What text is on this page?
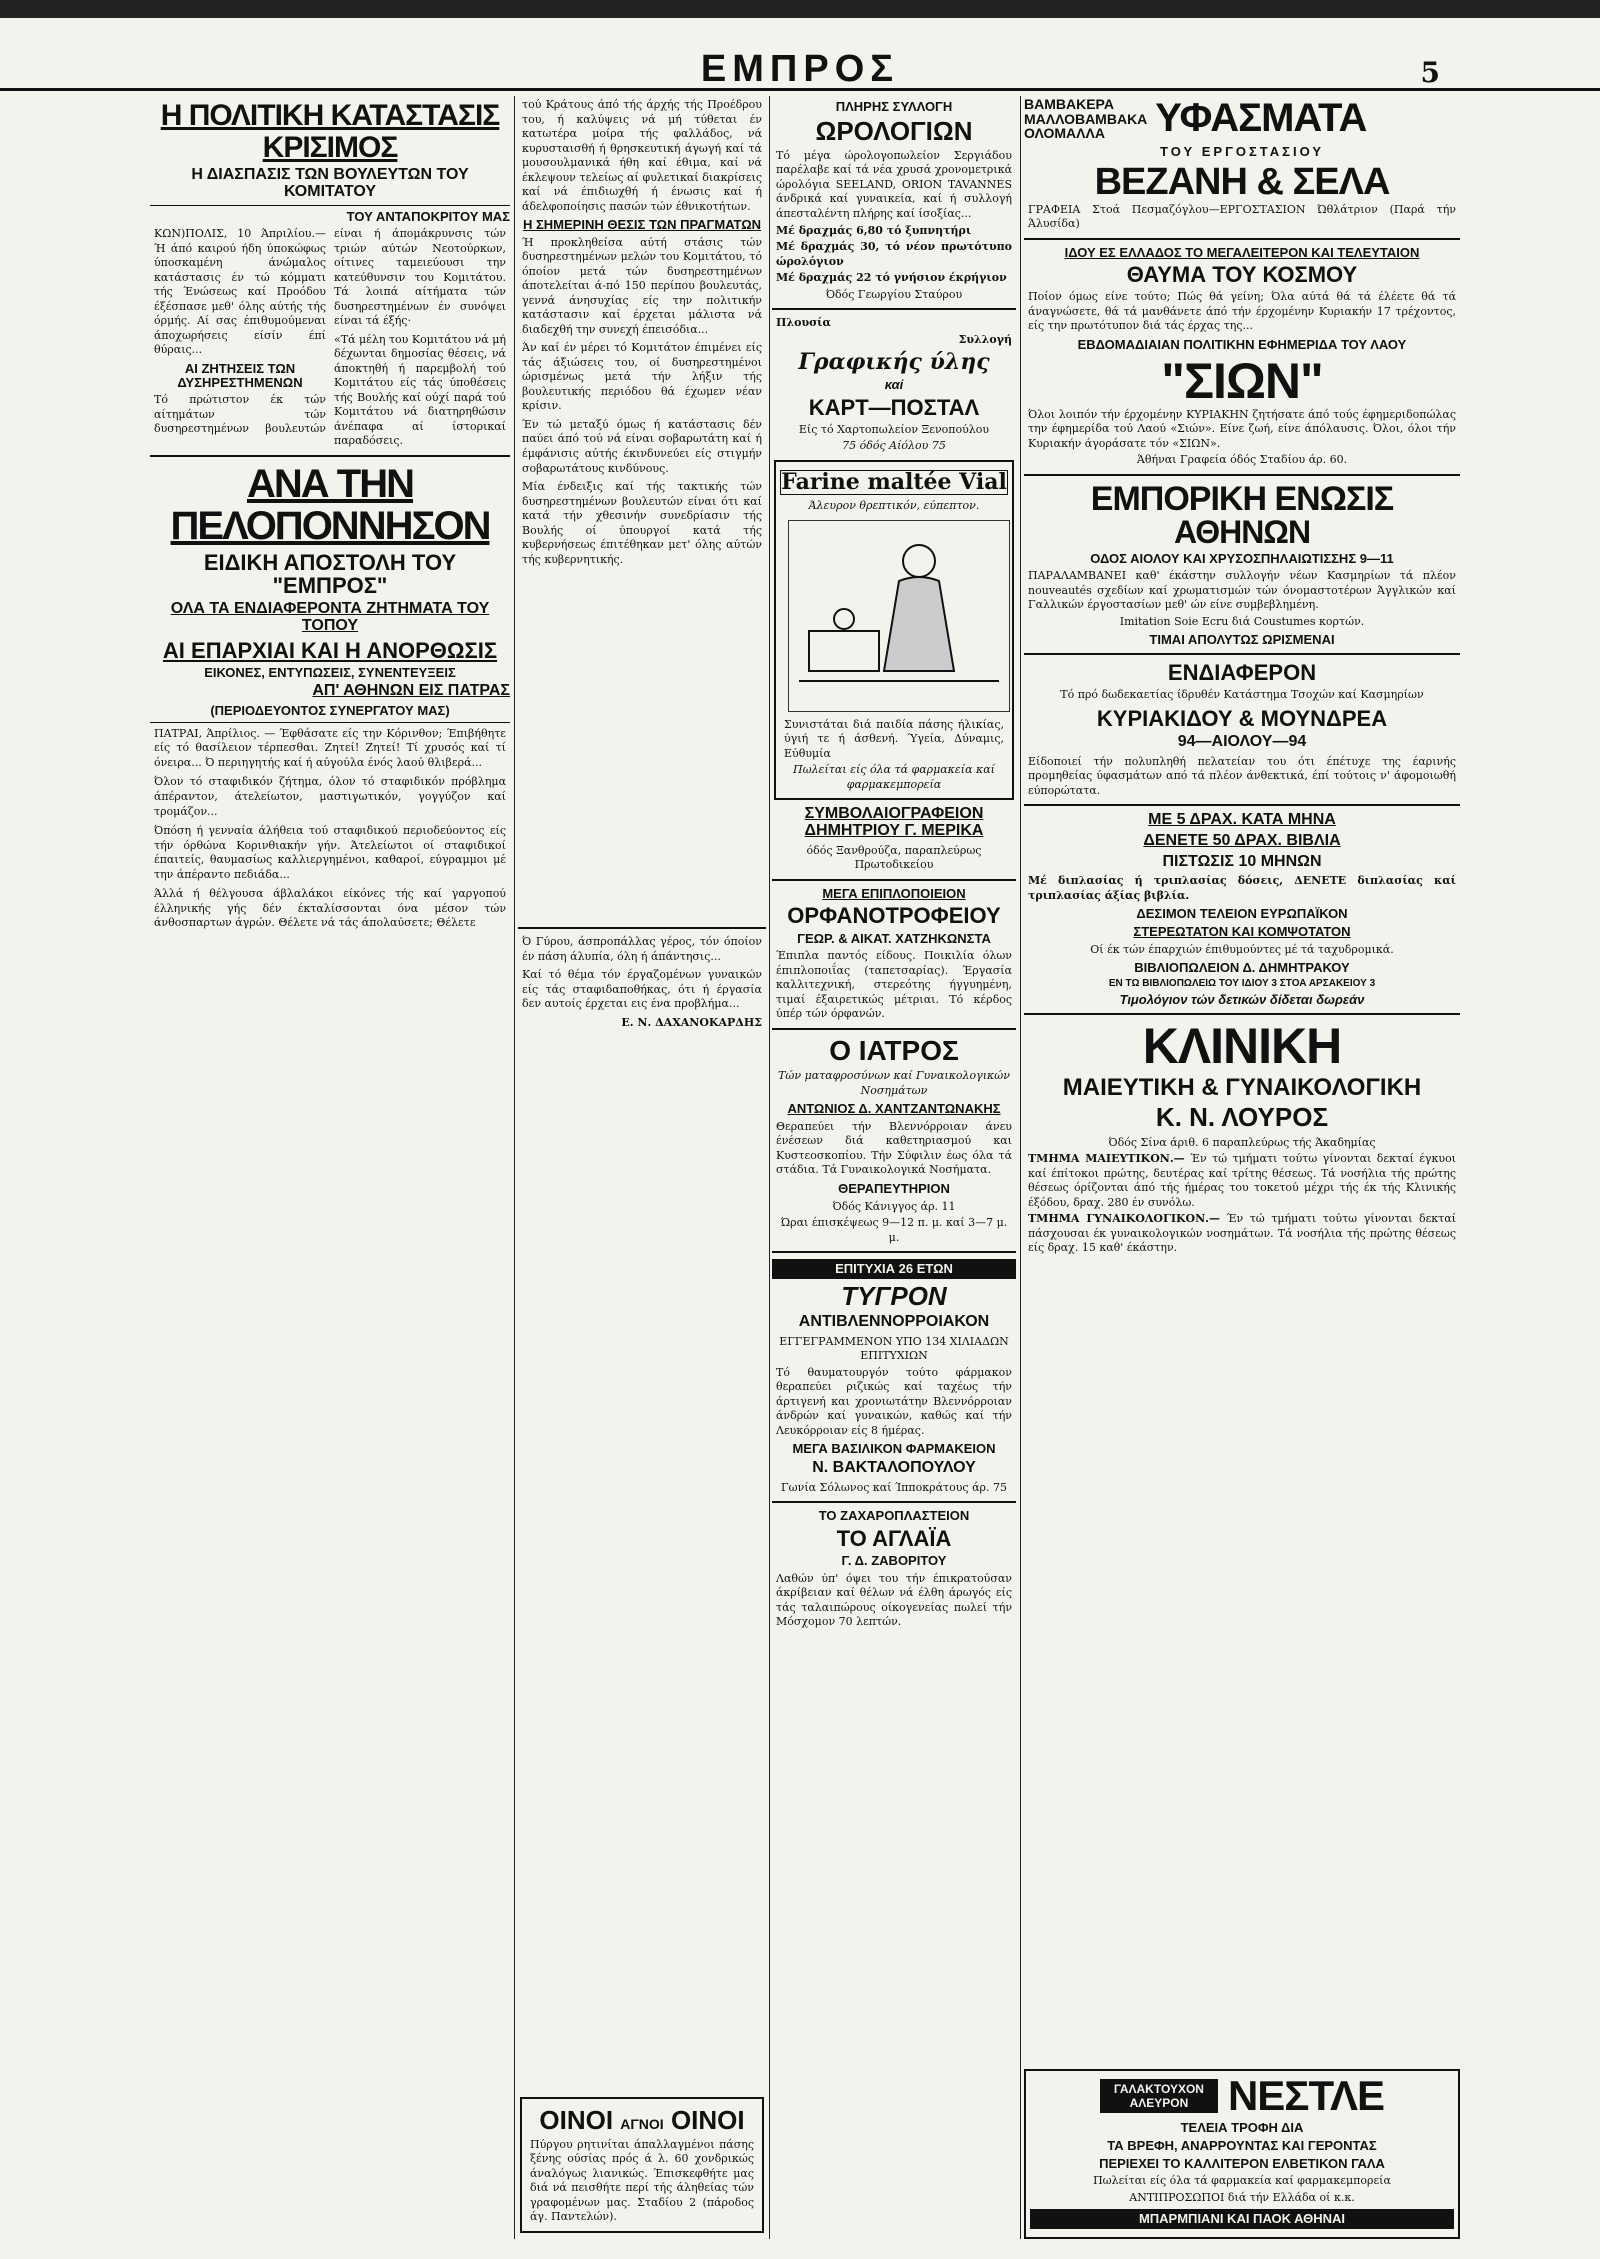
ΕΜΠΡΟΣ	5
Η ΠΟΛΙΤΙΚΗ ΚΑΤΑΣΤΑΣΙΣ ΚΡΙΣΙΜΟΣ
Η ΔΙΑΣΠΑΣΙΣ ΤΩΝ ΒΟΥΛΕΥΤΩΝ ΤΟΥ ΚΟΜΙΤΑΤΟΥ
ΤΟΥ ΑΝΤΑΠΟΚΡΙΤΟΥ ΜΑΣ

ΚΩΝ)ΠΟΛΙΣ, 10 Άπριλίου.— Ή άπό καιρού ήδη ύποκώφως ύποσκαμένη άνώμαλος κατάστασις έν τώ κόμματι τής Ένώσεως καί Προόδου έξέσπασε μεθ' όλης αύτής τής όρμής. Αί σας έπιθυμούμεναι άποχωρήσεις είσίν έπί θύραις...

ΑΙ ΖΗΤΗΣΕΙΣ ΤΩΝ ΔΥΣΗΡΕΣΤΗΜΕΝΩΝ

Τό πρώτιστον έκ τών αίτημάτων τών δυσηρεστημένων βουλευτών είναι ή άπομάκρυνσις τών τριών αύτών Νεοτούρκων, οίτινες ταμειεύουσι την κατεύθυνσιν του Κομιτάτου. Τά λοιπά αίτήματα τών δυσηρεστημένων έν συνόψει είναι τά έξής·

«Τά μέλη του Κομιτάτου νά μή δέχωνται δημοσίας θέσεις, νά άποκτηθή ή παρεμβολή τού Κομιτάτου είς τάς ύποθέσεις τής Βουλής καί ούχί παρά τού Κομιτάτου νά διατηρηθώσιν άνέπαφα αί ίστορικαί παραδόσεις.

ΑΝΑ ΤΗΝ ΠΕΛΟΠΟΝΝΗΣΟΝ
ΕΙΔΙΚΗ ΑΠΟΣΤΟΛΗ ΤΟΥ "ΕΜΠΡΟΣ"
ΟΛΑ ΤΑ ΕΝΔΙΑΦΕΡΟΝΤΑ ΖΗΤΗΜΑΤΑ ΤΟΥ ΤΟΠΟΥ
ΑΙ ΕΠΑΡΧΙΑΙ ΚΑΙ Η ΑΝΟΡΘΩΣΙΣ
ΕΙΚΟΝΕΣ, ΕΝΤΥΠΩΣΕΙΣ, ΣΥΝΕΝΤΕΥΞΕΙΣ
ΑΠ' ΑΘΗΝΩΝ ΕΙΣ ΠΑΤΡΑΣ
(ΠΕΡΙΟΔΕΥΟΝΤΟΣ ΣΥΝΕΡΓΑΤΟΥ ΜΑΣ)

ΠΑΤΡΑΙ, Άπρίλιος. — Έφθάσατε είς την Κόρινθον; Έπιβήθητε είς τό θασίλειον τέρπεσθαι. Ζητεί! Ζητεί! Τί χρυσός καί τί όνειρα... Ό περιηγητής καί ή αύγούλα ένός λαού θλιβερά...

Όλον τό σταφιδικόν ζήτημα, όλον τό σταφιδικόν πρόβλημα άπέραντον, άτελείωτον, μαστιγωτικόν, γογγύζον καί τρομάζον...

Όπόση ή γενναία άλήθεια τού σταφιδικού περιοδεύοντος είς τήν όρθώνα Κορινθιακήν γήν. Άτελείωτοι οί σταφιδικοί έπαιτείς, θαυμασίως καλλιεργημένοι, καθαροί, εύγραμμοι μέ την άπέραντο πεδιάδα...

Άλλά ή θέλγουσα άβλαλάκοι είκόνες τής καί γαργοπού έλληνικής γής δέν έκταλίσσονται όνα μέσον τών άνθοσπαρτων άγρών. Θέλετε νά τάς άπολαύσετε; Θέλετε

τού Κράτους άπό τής άρχής τής Προέδρου του, ή καλύψεις νά μή τύθεται έν κατωτέρα μοίρα τής φαλλάδος, νά κυρυσταισθή ή θρησκευτική άγωγή καί τά μουσουλμανικά ήθη καί έθιμα, καί νά έκλεψουν τελείως αί φυλετικαί διακρίσεις καί νά έπιδιωχθή ή ένωσις καί ή άδελφοποίησις πασών τών έθνικοτήτων.

Η ΣΗΜΕΡΙΝΗ ΘΕΣΙΣ ΤΩΝ ΠΡΑΓΜΑΤΩΝ

Ή προκληθείσα αύτή στάσις τών δυσηρεστημένων μελών του Κομιτάτου, τό όποίον μετά τών δυσηρεστημένων άποτελείται ά-πό 150 περίπου βουλευτάς, γεννά άνησυχίας είς την πολιτικήν κατάστασιν καί έρχεται μάλιστα νά διαδεχθή την συνεχή έπεισόδια...

Άν καί έν μέρει τό Κομιτάτον έπιμένει είς τάς άξιώσεις του, οί δυσηρεστημένοι ώρισμένως μετά τήν λήξιν τής βουλευτικής περιόδου θά έχωμεν νέαν κρίσιν.

Έν τώ μεταξύ όμως ή κατάστασις δέν παύει άπό τού νά είναι σοβαρωτάτη καί ή έμφάνισις αύτής έκινδυνεύει είς στιγμήν σοβαρωτάτους κινδύνους.

Μία ένδειξις καί τής τακτικής τών δυσηρεστημένων βουλευτών είναι ότι καί κατά τήν χθεσινήν συνεδρίασιν τής Βουλής οί ύπουργοί κατά τής κυβερνήσεως έπιτέθηκαν μετ' όλης αύτών τής κυβερνητικής.

Ό Γύρου, άσπροπάλλας γέρος, τόν όποίον έν πάση άλυπία, όλη ή άπάντησις...

Καί τό θέμα τόν έργαζομένων γυναικών είς τάς σταφιδαποθήκας, ότι ή έργασία δεν αυτοίς έρχεται εις ένα προβλήμα...

Ε. Ν. ΔΑΧΑΝΟΚΑΡΔΗΣ

ΟΙΝΟΙ ΑΓΝΟΙ ΟΙΝΟΙ
Πύργου ρητινίται άπαλλαγμένοι πάσης ξένης ούσίας πρός ά λ. 60 χονδρικώς άναλόγως λιανικώς. Έπισκεφθήτε μας διά νά πεισθήτε περί τής άληθείας τών γραφομένων μας. Σταδίου 2 (πάροδος άγ. Παντελών).
ΠΛΗΡΗΣ ΣΥΛΛΟΓΗ
ΩΡΟΛΟΓΙΩΝ
Τό μέγα ώρολογοπωλείον Σεργιάδου παρέλαβε καί τά νέα χρυσά χρονομετρικά ώρολόγια SEELAND, ORION TAVANNES άνδρικά καί γυναικεία, καί ή συλλογή άπεσταλέντη πλήρης καί ίσοξίας...
Μέ δραχμάς 6,80 τό ξυπνητήρι
Μέ δραχμάς 30, τό νέον πρωτότυπο ώρολόγιον
Μέ δραχμάς 22 τό γνήσιον έκρήγιον
Όδός Γεωργίου Σταύρου
Πλουσία
Συλλογή
Γραφικής ύλης
καί
ΚΑΡΤ—ΠΟΣΤΑΛ
Είς τό Χαρτοπωλείον Ξενοπούλου
75 όδός Αίόλου 75
Farine maltée Vial
Άλευρον θρεπτικόν, εύπεπτον.
Συνιστάται διά παιδία πάσης ήλικίας, ύγιή τε ή άσθενή. Ύγεία, Δύναμις, Εύθυμία
Πωλείται είς όλα τά φαρμακεία καί φαρμακεμπορεία
ΣΥΜΒΟΛΑΙΟΓΡΑΦΕΙΟΝ ΔΗΜΗΤΡΙΟΥ Γ. ΜΕΡΙΚΑ
όδός Ξανθρούζα, παραπλεύρως Πρωτοδικείου
ΜΕΓΑ ΕΠΙΠΛΟΠΟΙΕΙΟΝ
ΟΡΦΑΝΟΤΡΟΦΕΙΟΥ
ΓΕΩΡ. & ΑΙΚΑΤ. ΧΑΤΖΗΚΩΝΣΤΑ
Έπιπλα παντός είδους. Ποικιλία όλων έπιπλοποιΐας (ταπετσαρίας). Έργασία καλλιτεχνική, στερεότης ήγγυημένη, τιμαί έξαιρετικώς μέτριαι. Τό κέρδος ύπέρ τών όρφανών.
Ο ΙΑΤΡΟΣ
Τών ματαφροσύνων καί Γυναικολογικών Νοσημάτων
ΑΝΤΩΝΙΟΣ Δ. ΧΑΝΤΖΑΝΤΩΝΑΚΗΣ
Θεραπεύει τήν Βλεννόρροιαν άνευ ένέσεων διά καθετηριασμού και Κυστεοσκοπίου. Τήν Σύφιλιν έως όλα τά στάδια. Τά Γυναικολογικά Νοσήματα.
ΘΕΡΑΠΕΥΤΗΡΙΟΝ
Όδός Κάνιγγος άρ. 11
Ώραι έπισκέψεως 9—12 π. μ. καί 3—7 μ. μ.
ΕΠΙΤΥΧΙΑ 26 ΕΤΩΝ
ΤΥΓΡΟΝ
ΑΝΤΙΒΛΕΝΝΟΡΡΟΙΑΚΟΝ
ΕΓΓΕΓΡΑΜΜΕΝΟΝ ΥΠΟ 134 ΧΙΛΙΑΔΩΝ ΕΠΙΤΥΧΙΩΝ
Τό θαυματουργόν τούτο φάρμακον θεραπεύει ριζικώς καί ταχέως τήν άρτιγενή και χρονιωτάτην Βλεννόρροιαν άνδρών καί γυναικών, καθώς καί τήν Λευκόρροιαν είς 8 ήμέρας.
ΜΕΓΑ ΒΑΣΙΛΙΚΟΝ ΦΑΡΜΑΚΕΙΟΝ
Ν. ΒΑΚΤΑΛΟΠΟΥΛΟΥ
Γωνία Σόλωνος καί Ίπποκράτους άρ. 75
ΤΟ ΖΑΧΑΡΟΠΛΑΣΤΕΙΟΝ
ΤΟ ΑΓΛΑΪΑ
Γ. Δ. ΖΑΒΟΡΙΤΟΥ
Λαθών ύπ' όψει του τήν έπικρατούσαν άκρίβειαν καί θέλων νά έλθη άρωγός είς τάς ταλαιπώρους οίκογενείας πωλεί τήν Μόσχομον 70 λεπτών.
ΒΑΜΒΑΚΕΡΑ
ΜΑΛΛΟΒΑΜΒΑΚΑ
ΟΛΟΜΑΛΛΑ	ΥΦΑΣΜΑΤΑ
ΤΟΥ ΕΡΓΟΣΤΑΣΙΟΥ
ΒΕΖΑΝΗ & ΣΕΛΑ
ΓΡΑΦΕΙΑ Στοά Πεσμαζόγλου—ΕΡΓΟΣΤΑΣΙΟΝ Ώθλάτριον (Παρά τήν Άλυσίδα)
ΙΔΟΥ ΕΣ ΕΛΛΑΔΟΣ ΤΟ ΜΕΓΑΛΕΙΤΕΡΟΝ ΚΑΙ ΤΕΛΕΥΤΑΙΟΝ
ΘΑΥΜΑ ΤΟΥ ΚΟΣΜΟΥ
Ποίον όμως είνε τούτο; Πώς θά γείνη; Όλα αύτά θά τά έλέετε θά τά άναγνώσετε, θά τά μανθάνετε άπό τήν έρχομένην Κυριακήν 17 τρέχοντος, είς την πρωτότυπον διά τάς έρχας της...
ΕΒΔΟΜΑΔΙΑΙΑΝ ΠΟΛΙΤΙΚΗΝ ΕΦΗΜΕΡΙΔΑ ΤΟΥ ΛΑΟΥ
"ΣΙΩΝ"
Όλοι λοιπόν τήν έρχομένην ΚΥΡΙΑΚΗΝ ζητήσατε άπό τούς έφημεριδοπώλας την έφημερίδα τού Λαού «Σιών». Είνε ζωή, είνε άπόλαυσις. Όλοι, όλοι τήν Κυριακήν άγοράσατε τόν «ΣΙΩΝ».
Άθήναι Γραφεία όδός Σταδίου άρ. 60.
ΕΜΠΟΡΙΚΗ ΕΝΩΣΙΣ
ΑΘΗΝΩΝ
ΟΔΟΣ ΑΙΟΛΟΥ ΚΑΙ ΧΡΥΣΟΣΠΗΛΑΙΩΤΙΣΣΗΣ 9—11
ΠΑΡΑΛΑΜΒΑΝΕΙ καθ' έκάστην συλλογήν νέων Κασμηρίων τά πλέον nouveautés σχεδίων καί χρωματισμών τών όνομαστοτέρων Άγγλικών καί Γαλλικών έργοστασίων μεθ' ών είνε συμβεβλημένη.
Imitation Soie Ecru διά Coustumes κορτών.
ΤΙΜΑΙ ΑΠΟΛΥΤΩΣ ΩΡΙΣΜΕΝΑΙ
ΕΝΔΙΑΦΕΡΟΝ
Τό πρό δωδεκαετίας ίδρυθέν Κατάστημα Τσοχών καί Κασμηρίων
ΚΥΡΙΑΚΙΔΟΥ & ΜΟΥΝΔΡΕΑ
94—ΑΙΟΛΟΥ—94
Είδοποιεί τήν πολυπληθή πελατείαν του ότι έπέτυχε της έαρινής προμηθείας ύφασμάτων από τά πλέον άνθεκτικά, έπί τούτοις ν' άφομοιωθή εύπορώτατα.
ΜΕ 5 ΔΡΑΧ. ΚΑΤΑ ΜΗΝΑ
ΔΕΝΕΤΕ 50 ΔΡΑΧ. ΒΙΒΛΙΑ
ΠΙΣΤΩΣΙΣ 10 ΜΗΝΩΝ
Μέ διπλασίας ή τριπλασίας δόσεις, ΔΕΝΕΤΕ διπλασίας καί τριπλασίας άξίας βιβλία.
ΔΕΣΙΜΟΝ ΤΕΛΕΙΟΝ ΕΥΡΩΠΑΪΚΟΝ
ΣΤΕΡΕΩΤΑΤΟΝ ΚΑΙ ΚΟΜΨΟΤΑΤΟΝ
Οί έκ τών έπαρχιών έπιθυμούντες μέ τά ταχυδρομικά.
ΒΙΒΛΙΟΠΩΛΕΙΟΝ Δ. ΔΗΜΗΤΡΑΚΟΥ
ΕΝ ΤΩ ΒΙΒΛΙΟΠΩΛΕΙΩ ΤΟΥ ΙΔΙΟΥ 3 ΣΤΟΑ ΑΡΣΑΚΕΙΟΥ 3
Τιμολόγιον τών δετικών δίδεται δωρεάν
ΚΛΙΝΙΚΗ
ΜΑΙΕΥΤΙΚΗ & ΓΥΝΑΙΚΟΛΟΓΙΚΗ
Κ. Ν. ΛΟΥΡΟΣ
Όδός Σίνα άριθ. 6 παραπλεύρως τής Άκαδημίας
ΤΜΗΜΑ ΜΑΙΕΥΤΙΚΟΝ.— Έν τώ τμήματι τούτω γίνονται δεκταί έγκυοι καί έπίτοκοι πρώτης, δευτέρας καί τρίτης θέσεως. Τά νοσήλια τής πρώτης θέσεως όρίζονται άπό τής ήμέρας του τοκετού μέχρι τής έκ τής Κλινικής έξόδου, δραχ. 280 έν συνόλω.
ΤΜΗΜΑ ΓΥΝΑΙΚΟΛΟΓΙΚΟΝ.— Έν τώ τμήματι τούτω γίνονται δεκταί πάσχουσαι έκ γυναικολογικών νοσημάτων. Τά νοσήλια τής πρώτης θέσεως είς δραχ. 15 καθ' έκάστην.
ΓΑΛΑΚΤΟΥΧΟΝ ΑΛΕΥΡΟΝ ΝΕΣΤΛΕ
ΤΕΛΕΙΑ ΤΡΟΦΗ ΔΙΑ
ΤΑ ΒΡΕΦΗ, ΑΝΑΡΡΟΥΝΤΑΣ ΚΑΙ ΓΕΡΟΝΤΑΣ
ΠΕΡΙΕΧΕΙ ΤΟ ΚΑΛΛΙΤΕΡΟΝ ΕΛΒΕΤΙΚΟΝ ΓΑΛΑ
Πωλείται είς όλα τά φαρμακεία καί φαρμακεμπορεία
ΑΝΤΙΠΡΟΣΩΠΟΙ διά τήν Ελλάδα οί κ.κ.
ΜΠΑΡΜΠΙΑΝΙ ΚΑΙ ΠΑΟΚ ΑΘΗΝΑΙ
